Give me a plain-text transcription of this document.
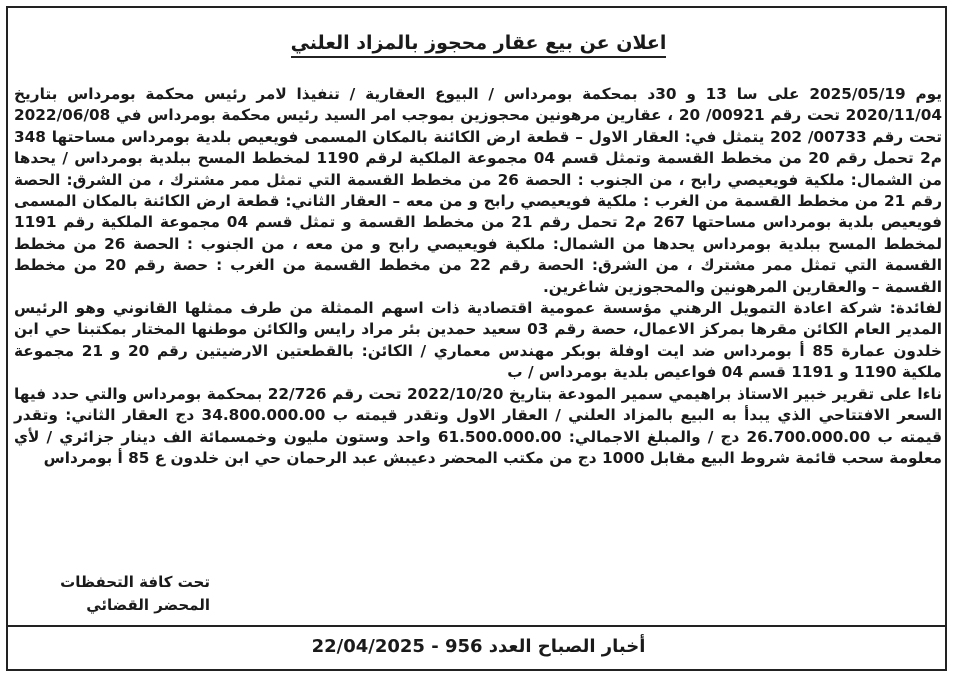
اعلان عن بيع عقار محجوز بالمزاد العلني

يوم 2025/05/19 على سا 13 و 30د بمحكمة بومرداس / البيوع العقارية / تنفيذا لامر رئيس محكمة بومرداس بتاريخ 2020/11/04 تحت رقم 00921/ 20 ، عقارين مرهونين محجوزين بموجب امر السيد رئيس محكمة بومرداس في 2022/06/08 تحت رقم 00733/ 202 يتمثل في: العقار الاول – قطعة ارض الكائنة بالمكان المسمى فويعيص بلدية بومرداس مساحتها 348 م2 تحمل رقم 20 من مخطط القسمة وتمثل قسم 04 مجموعة الملكية لرقم 1190 لمخطط المسح ببلدية بومرداس / يحدها من الشمال: ملكية فويعيصي رابح ، من الجنوب : الحصة 26 من مخطط القسمة التي تمثل ممر مشترك ، من الشرق: الحصة رقم 21 من مخطط القسمة من الغرب : ملكية فويعيصي رابح و من معه – العقار الثاني: قطعة ارض الكائنة بالمكان المسمى فويعيص بلدية بومرداس مساحتها 267 م2 تحمل رقم 21 من مخطط القسمة و تمثل قسم 04 مجموعة الملكية رقم 1191 لمخطط المسح ببلدية بومرداس يحدها من الشمال: ملكية فويعيصي رابح و من معه ، من الجنوب : الحصة 26 من مخطط القسمة التي تمثل ممر مشترك ، من الشرق: الحصة رقم 22 من مخطط القسمة من الغرب : حصة رقم 20 من مخطط القسمة – والعقارين المرهونين والمحجوزين شاغرين.

لفائدة: شركة اعادة التمويل الرهني مؤسسة عمومية اقتصادية ذات اسهم الممثلة من طرف ممثلها القانوني وهو الرئيس المدير العام الكائن مقرها بمركز الاعمال، حصة رقم 03 سعيد حمدين بئر مراد رايس والكائن موطنها المختار بمكتبنا حي ابن خلدون عمارة 85 أ بومرداس ضد ايت اوفلة بوبكر مهندس معماري / الكائن: بالقطعتين الارضيتين رقم 20 و 21 مجموعة ملكية 1190 و 1191 قسم 04 فواعيص بلدية بومرداس / ب

ناءا على تقرير خبير الاستاذ براهيمي سمير المودعة بتاريخ 2022/10/20 تحت رقم 22/726 بمحكمة بومرداس والتي حدد فيها السعر الافتتاحي الذي يبدأ به البيع بالمزاد العلني / العقار الاول وتقدر قيمته ب 34.800.000.00 دج العقار الثاني: وتقدر قيمته ب 26.700.000.00 دج / والمبلغ الاجمالي: 61.500.000.00 واحد وستون مليون وخمسمائة الف دينار جزائري / لأي معلومة سحب قائمة شروط البيع مقابل 1000 دج من مكتب المحضر دعيبش عبد الرحمان حي ابن خلدون ع 85 أ بومرداس

تحت كافة التحفظات
المحضر القضائي
أخبار الصباح العدد 956 - 22/04/2025
